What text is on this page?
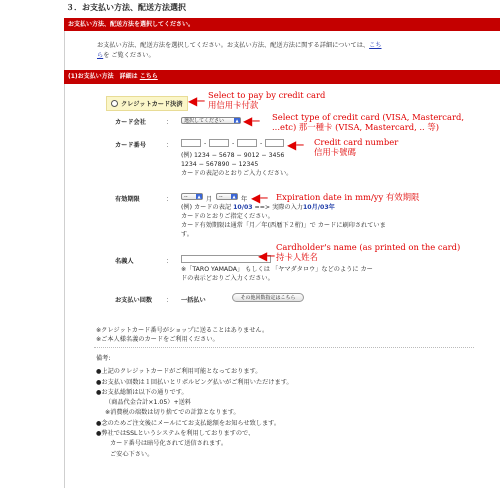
３．お支払い方法、配送方法選択
お支払い方法、配送方法を選択してください。
お支払い方法、配送方法を選択してください。お支払い方法、配送方法に関する詳細については、こち
らを ご覧ください。
(1)お支払い方法　詳細は こちら
クレジットカード決済
カード会社	：	選択してください	▲

カード番号	：	-	-	-
(例) 1234 − 5678 − 9012 − 3456
1234 − 567890 − 12345
カードの表記のとおりご入力ください。
有効期限	：	--	▲ 月	--	▲ 年
(例) カードの表記 10/03 ==> 実際の入力10月/03年
カードのとおりご指定ください。
カード有効期限は通常「月／年(西暦下２桁)」で カードに刷印されていま
す。
名義人	：
※「TARO YAMADA」 もしくは 「ヤマダタロウ」などのように カー
ドの表示どおりご入力ください。
お支払い回数 ： 一括払い	その他回数指定はこちら
※クレジットカード番号がショップに送ることはありません。
※ご本人様名義のカードをご利用ください。
備考:
●上記のクレジットカードがご利用可能となっております。
●お支払い回数は１回払いとリボルビング払いがご利用いただけます。
●お支払総額は以下の通りです。
（商品代金合計×1.05）+送料
※消費税の端数は切り捨てでの計算となります。
●念のためご注文後にメールにてお支払総額をお知らせ致します。
●弊社ではSSLというシステムを利用しておりますので、
カード番号は暗号化されて送信されます。
ご安心下さい。
◀─ Select to pay by credit card
用信用卡付款
◀─ Select type of credit card (VISA, Mastercard,
...etc) 那一種卡 (VISA, Mastercard, .. 等)
◀─ Credit card number
信用卡號碼
◀─ Expiration date in mm/yy 有效期限
◀─
Cardholder's name (as printed on the card)
持卡人姓名
